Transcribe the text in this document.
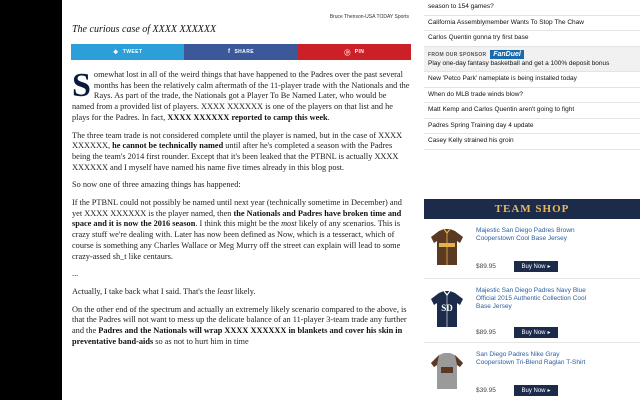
Bruce Thenson-USA TODAY Sports
The curious case of XXXX XXXXXX
❖ TWEET	f SHARE	Ⓟ PIN

Somewhat lost in all of the weird things that have happened to the Padres over the past several months has been the relatively calm aftermath of the 11-player trade with the Nationals and the Rays. As part of the trade, the Nationals got a Player To Be Named Later, who would be named from a provided list of players. XXXX XXXXXX is one of the players on that list and he plays for the Padres. In fact, XXXX XXXXXX reported to camp this week.

The three team trade is not considered complete until the player is named, but in the case of XXXX XXXXXX, he cannot be technically named until after he's completed a season with the Padres being the team's 2014 first rounder. Except that it's been leaked that the PTBNL is actually XXXX XXXXXX and I myself have named his name five times already in this blog post.

So now one of three amazing things has happened:

If the PTBNL could not possibly be named until next year (technically sometime in December) and yet XXXX XXXXXX is the player named, then the Nationals and Padres have broken time and space and it is now the 2016 season. I think this might be the most likely of any scenarios. This is crazy stuff we're dealing with. Later has now been defined as Now, which is a tesseract, which of course is something any Charles Wallace or Meg Murry off the street can explain will lead to some crazy-assed sh_t like centaurs.

...

Actually, I take back what I said. That's the least likely.

On the other end of the spectrum and actually an extremely likely scenario compared to the above, is that the Padres will not want to mess up the delicate balance of an 11-player 3-team trade any further and the Padres and the Nationals will wrap XXXX XXXXXX in blankets and cover his skin in preventative band-aids so as not to hurt him in time

season to 154 games?
California Assemblymember Wants To Stop The Chaw
Carlos Quentin gonna try first base
FROM OUR SPONSOR FanDuel
Play one-day fantasy basketball and get a 100% deposit bonus
New 'Petco Park' nameplate is being installed today
When do MLB trade winds blow?
Matt Kemp and Carlos Quentin aren't going to fight
Padres Spring Training day 4 update
Casey Kelly strained his groin
TEAM SHOP
Majestic San Diego Padres Brown Cooperstown Cool Base Jersey
$89.95	Buy Now ▸
SD
Majestic San Diego Padres Navy Blue Official 2015 Authentic Collection Cool Base Jersey
$89.95	Buy Now ▸
San Diego Padres Nike Gray Cooperstown Tri-Blend Raglan T-Shirt
$39.95	Buy Now ▸
